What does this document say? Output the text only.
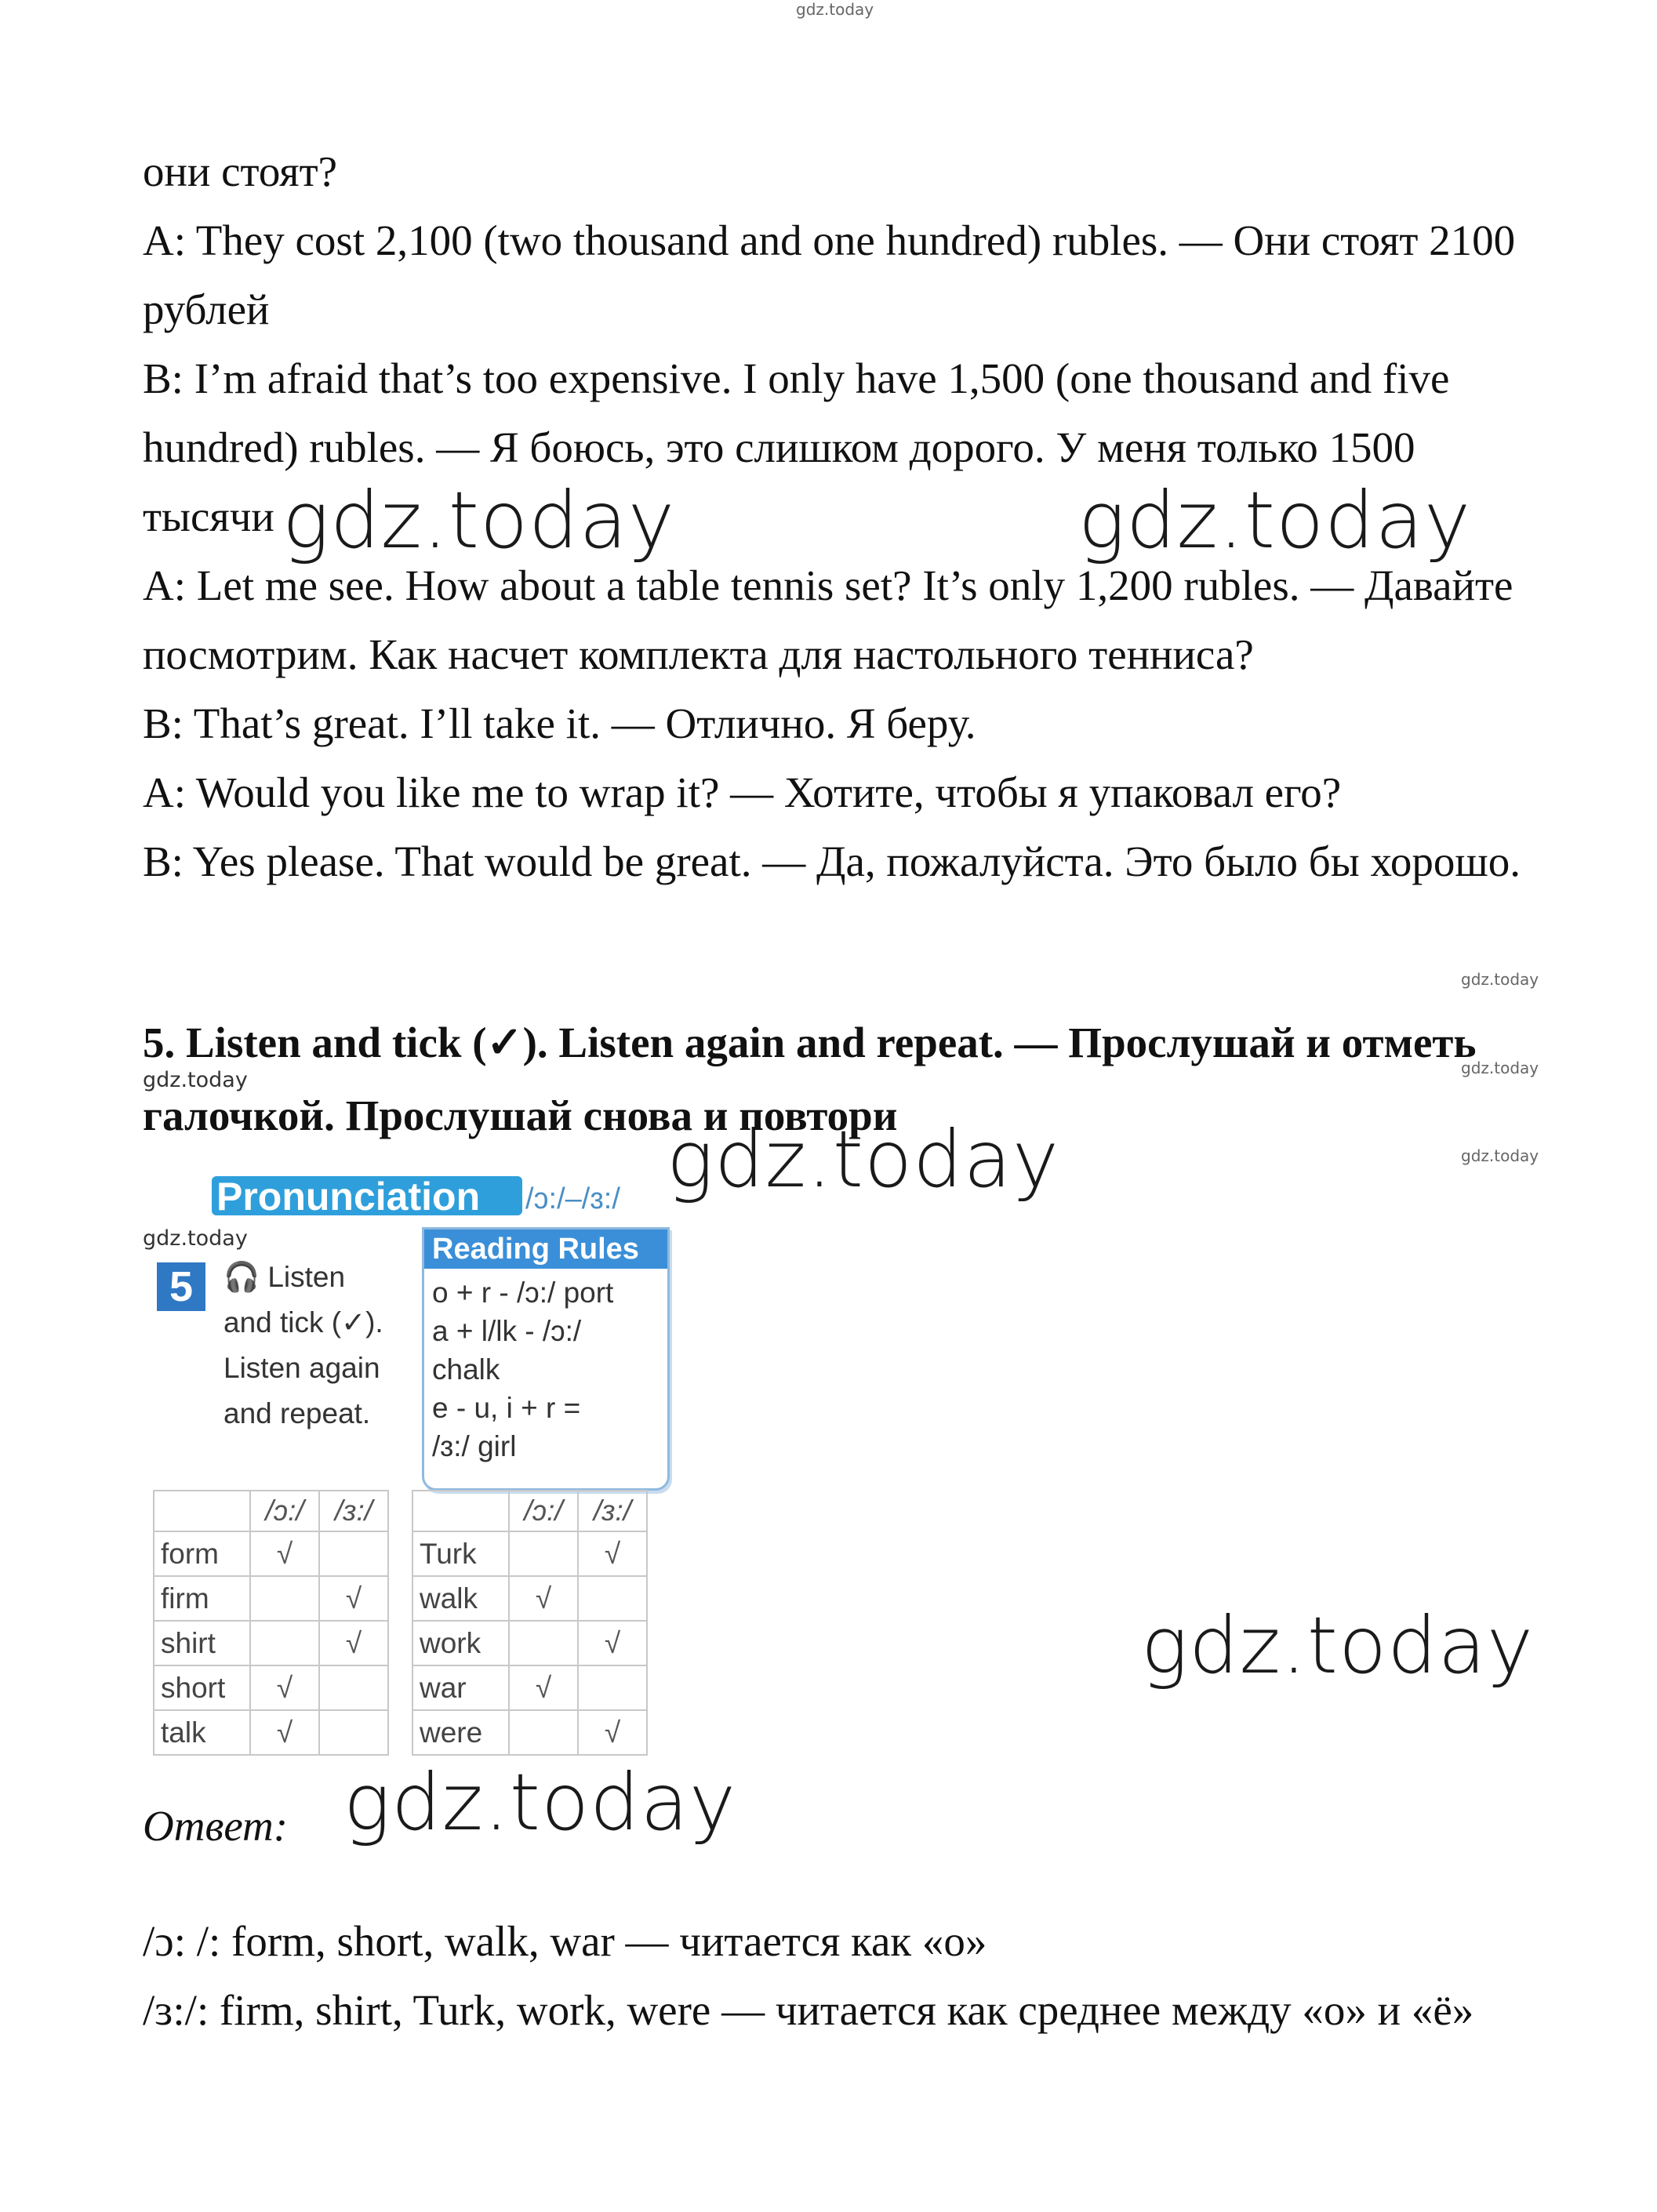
gdz.today
gdz.today	gdz.today
gdz.today
gdz.today
gdz.today
gdz.today
gdz.today
gdz.today
gdz.today
gdz.today

они стоят?

A: They cost 2,100 (two thousand and one hundred) rubles. — Они стоят 2100 рублей

B: I’m afraid that’s too expensive. I only have 1,500 (one thousand and five hundred) rubles. — Я боюсь, это слишком дорого. У меня только 1500 тысячи

A: Let me see. How about a table tennis set? It’s only 1,200 rubles. — Давайте посмотрим. Как насчет комплекта для настольного тенниса?

B: That’s great. I’ll take it. — Отлично. Я беру.

A: Would you like me to wrap it? — Хотите, чтобы я упаковал его?

B: Yes please. That would be great. — Да, пожалуйста. Это было бы хорошо.

5. Listen and tick (✓). Listen again and repeat. — Прослушай и отметь галочкой. Прослушай снова и повтори
Pronunciation	/ɔ:/–/ɜ:/
5	🎧 Listen

and tick (✓).

Listen again

and repeat.

Reading Rules

o + r - /ɔ:/ port

a + l/lk - /ɔ:/

chalk

e - u, i + r =

/ɜ:/ girl

	/ɔ:/	/ɜ:/
form	√	
firm		√
shirt		√
short	√	
talk	√	
	/ɔ:/	/ɜ:/
Turk		√
walk	√	
work		√
war	√	
were		√
Ответ:

/ɔ: /: form, short, walk, war — читается как «о»

/ɜ:/: firm, shirt, Turk, work, were — читается как среднее между «о» и «ё»
